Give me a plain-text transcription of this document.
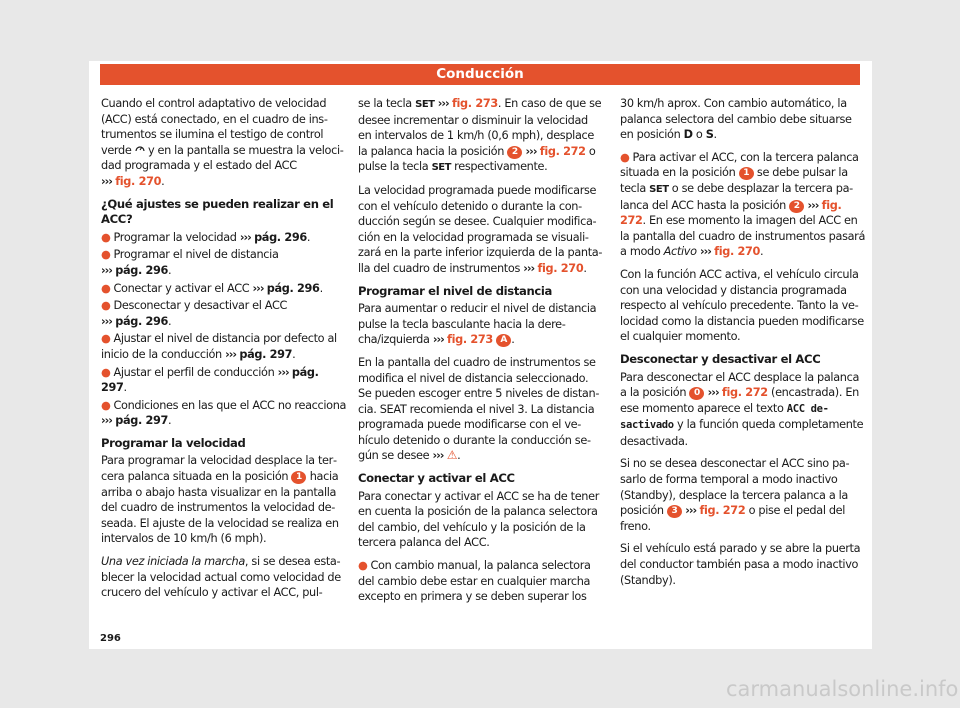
Conducción

Cuando el control adaptativo de velocidad (ACC) está conectado, en el cuadro de instrumentos se ilumina el testigo de control verde y en la pantalla se muestra la velocidad programada y el estado del ACC
››› fig. 270.

¿Qué ajustes se pueden realizar en el ACC?

● Programar la velocidad ››› pág. 296.

● Programar el nivel de distancia
››› pág. 296.

● Conectar y activar el ACC ››› pág. 296.

● Desconectar y desactivar el ACC
››› pág. 296.

● Ajustar el nivel de distancia por defecto al inicio de la conducción ››› pág. 297.

● Ajustar el perfil de conducción ››› pág. 297.

● Condiciones en las que el ACC no reacciona ››› pág. 297.

Programar la velocidad

Para programar la velocidad desplace la tercera palanca situada en la posición 1 hacia arriba o abajo hasta visualizar en la pantalla del cuadro de instrumentos la velocidad deseada. El ajuste de la velocidad se realiza en intervalos de 10 km/h (6 mph).

Una vez iniciada la marcha, si se desea establecer la velocidad actual como velocidad de crucero del vehículo y activar el ACC, pul-

se la tecla SET ››› fig. 273. En caso de que se desee incrementar o disminuir la velocidad en intervalos de 1 km/h (0,6 mph), desplace la palanca hacia la posición 2 ››› fig. 272 o pulse la tecla SET respectivamente.

La velocidad programada puede modificarse con el vehículo detenido o durante la conducción según se desee. Cualquier modificación en la velocidad programada se visualizará en la parte inferior izquierda de la pantalla del cuadro de instrumentos ››› fig. 270.

Programar el nivel de distancia

Para aumentar o reducir el nivel de distancia pulse la tecla basculante hacia la derecha/izquierda ››› fig. 273 A .

En la pantalla del cuadro de instrumentos se modifica el nivel de distancia seleccionado. Se pueden escoger entre 5 niveles de distancia. SEAT recomienda el nivel 3. La distancia programada puede modificarse con el vehículo detenido o durante la conducción según se desee ››› ⚠.

Conectar y activar el ACC

Para conectar y activar el ACC se ha de tener en cuenta la posición de la palanca selectora del cambio, del vehículo y la posición de la tercera palanca del ACC.

● Con cambio manual, la palanca selectora del cambio debe estar en cualquier marcha excepto en primera y se deben superar los

30 km/h aprox. Con cambio automático, la palanca selectora del cambio debe situarse en posición D o S.

● Para activar el ACC, con la tercera palanca situada en la posición 1 se debe pulsar la tecla SET o se debe desplazar la tercera palanca del ACC hasta la posición 2 ››› fig. 272. En ese momento la imagen del ACC en la pantalla del cuadro de instrumentos pasará a modo Activo ››› fig. 270.

Con la función ACC activa, el vehículo circula con una velocidad y distancia programada respecto al vehículo precedente. Tanto la velocidad como la distancia pueden modificarse el cualquier momento.

Desconectar y desactivar el ACC

Para desconectar el ACC desplace la palanca a la posición 0 ››› fig. 272 (encastrada). En ese momento aparece el texto ACC desactivado y la función queda completamente desactivada.

Si no se desea desconectar el ACC sino pasarlo de forma temporal a modo inactivo (Standby), desplace la tercera palanca a la posición 3 ››› fig. 272 o pise el pedal del freno.

Si el vehículo está parado y se abre la puerta del conductor también pasa a modo inactivo (Standby).

296
carmanualsonline.info
